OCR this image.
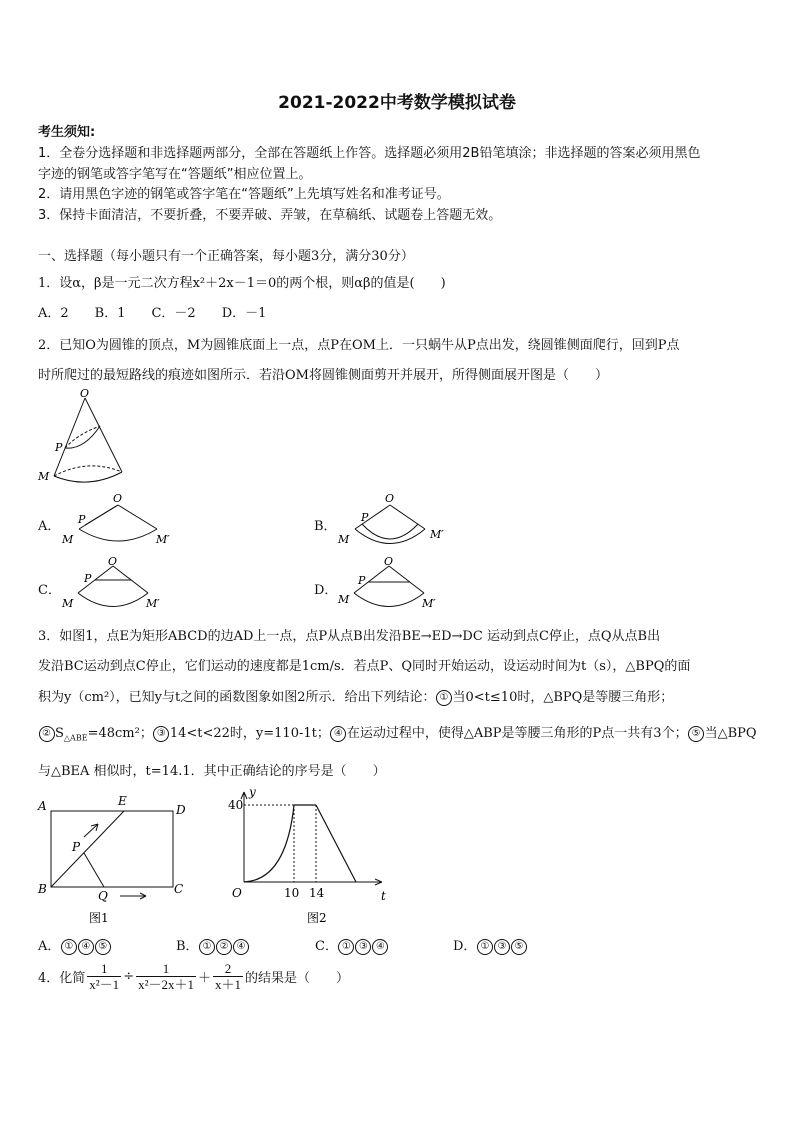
2021-2022中考数学模拟试卷
考生须知:
1．全卷分选择题和非选择题两部分，全部在答题纸上作答。选择题必须用2B铅笔填涂；非选择题的答案必须用黑色
字迹的钢笔或答字笔写在“答题纸”相应位置上。
2．请用黑色字迹的钢笔或答字笔在“答题纸”上先填写姓名和准考证号。
3．保持卡面清洁，不要折叠，不要弄破、弄皱，在草稿纸、试题卷上答题无效。
一、选择题（每小题只有一个正确答案，每小题3分，满分30分）
1．设α，β是一元二次方程x²＋2x－1＝0的两个根，则αβ的值是(　　)
A．2　　B．1　　C．－2　　D．－1
2．已知O为圆锥的顶点，M为圆锥底面上一点，点P在OM上．一只蜗牛从P点出发，绕圆锥侧面爬行，回到P点
时所爬过的最短路线的痕迹如图所示．若沿OM将圆锥侧面剪开并展开，所得侧面展开图是（　　）
O
P
M
A．
O
P
M	M′
B．
O
P
M	M′
C．
O
P
M	M′
D．
O
P
M	M′
3．如图1，点E为矩形ABCD的边AD上一点，点P从点B出发沿BE→ED→DC 运动到点C停止，点Q从点B出
发沿BC运动到点C停止，它们运动的速度都是1cm/s．若点P、Q同时开始运动，设运动时间为t（s），△BPQ的面
积为y（cm²），已知y与t之间的函数图象如图2所示．给出下列结论： ① 当0<t≤10时，△BPQ是等腰三角形；
② $S_{\triangle ABE}=48cm^2$； ③ 14<t<22时，y=110-1t； ④ 在运动过程中，使得△ABP是等腰三角形的P点一共有3个； ⑤ 当△BPQ
与△BEA 相似时，t=14.1．其中正确结论的序号是（　　）
A	E
D
P
B	Q	C
图1
y
40
O	10 14	t
图2
A． ① ④ ⑤	B． ① ② ④	C． ① ③ ④	D． ① ③ ⑤
4．化简 $\frac{1}{\text{x²－1}} \div \frac{1}{\text{x²－2x＋1}} + \frac{2}{x+1}$ 的结果是（　　）
